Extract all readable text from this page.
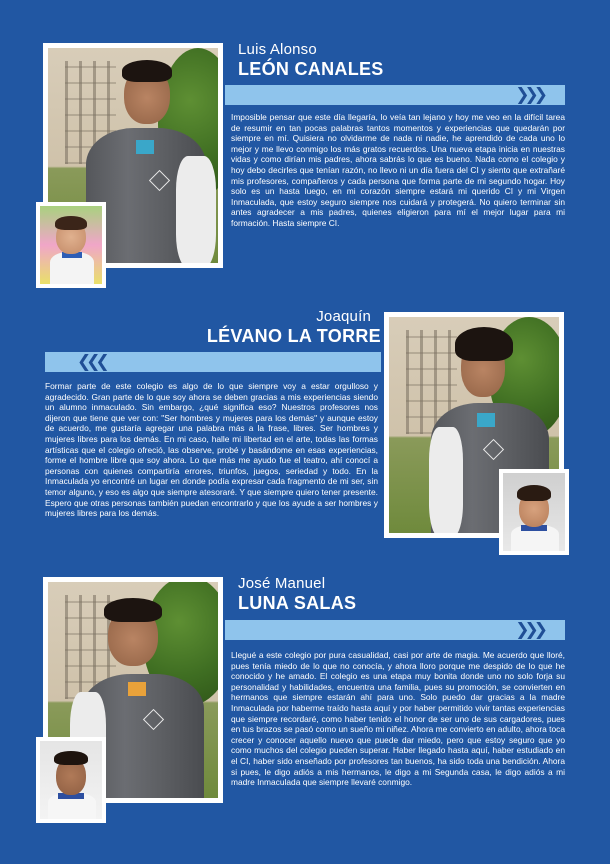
Luis Alonso
LEÓN CANALES
❯❯❯

Imposible pensar que este día llegaría, lo veía tan lejano y hoy me veo en la difícil tarea de resumir en tan pocas palabras tantos momentos y experiencias que quedarán por siempre en mí. Quisiera no olvidarme de nada ni nadie, he aprendido de cada uno lo mejor y me llevo conmigo los más gratos recuerdos. Una nueva etapa inicia en nuestras vidas y como dirían mis padres, ahora sabrás lo que es bueno. Nada como el colegio y hoy debo decirles que tenían razón, no llevo ni un día fuera del CI y siento que extrañaré mis profesores, compañeros y cada persona que forma parte de mi segundo hogar. Hoy solo es un hasta luego, en mi corazón siempre estará mi querido CI y mi Virgen Inmaculada, que estoy seguro siempre nos cuidará y protegerá. No quiero terminar sin antes agradecer a mis padres, quienes eligieron para mí el mejor lugar para mi formación. Hasta siempre CI.

Joaquín
LÉVANO LA TORRE
❮❮❮

Formar parte de este colegio es algo de lo que siempre voy a estar orgulloso y agradecido. Gran parte de lo que soy ahora se deben gracias a mis experiencias siendo un alumno inmaculado. Sin embargo, ¿qué significa eso? Nuestros profesores nos dijeron que tiene que ver con: "Ser hombres y mujeres para los demás" y aunque estoy de acuerdo, me gustaría agregar una palabra más a la frase, libres. Ser hombres y mujeres libres para los demás. En mi caso, halle mi libertad en el arte, todas las formas artísticas que el colegio ofreció, las observe, probé y basándome en esas experiencias, forme el hombre libre que soy ahora. Lo que más me ayudo fue el teatro, ahí conocí a personas con quienes compartiría errores, triunfos, juegos, seriedad y todo. En la Inmaculada yo encontré un lugar en donde podía expresar cada fragmento de mi ser, sin temor alguno, y eso es algo que siempre atesoraré. Y que siempre quiero tener presente. Espero que otras personas también puedan encontrarlo y que los ayude a ser hombres y mujeres libres para los demás.

José Manuel
LUNA SALAS
❯❯❯

Llegué a este colegio por pura casualidad, casi por arte de magia. Me acuerdo que lloré, pues tenía miedo de lo que no conocía, y ahora lloro porque me despido de lo que he conocido y he amado. El colegio es una etapa muy bonita donde uno no solo forja su personalidad y habilidades, encuentra una familia, pues su promoción, se convierten en hermanos que siempre estarán ahí para uno. Solo puedo dar gracias a la madre Inmaculada por haberme traído hasta aquí y por haber permitido vivir tantas experiencias que siempre recordaré, como haber tenido el honor de ser uno de sus cargadores, pues en tus brazos se pasó como un sueño mi niñez. Ahora me convierto en adulto, ahora toca crecer y conocer aquello nuevo que puede dar miedo, pero que estoy seguro que yo como muchos del colegio pueden superar. Haber llegado hasta aquí, haber estudiado en el CI, haber sido enseñado por profesores tan buenos, ha sido toda una bendición. Ahora si pues, le digo adiós a mis hermanos, le digo a mi Segunda casa, le digo adiós a mi madre Inmaculada que siempre llevaré conmigo.
